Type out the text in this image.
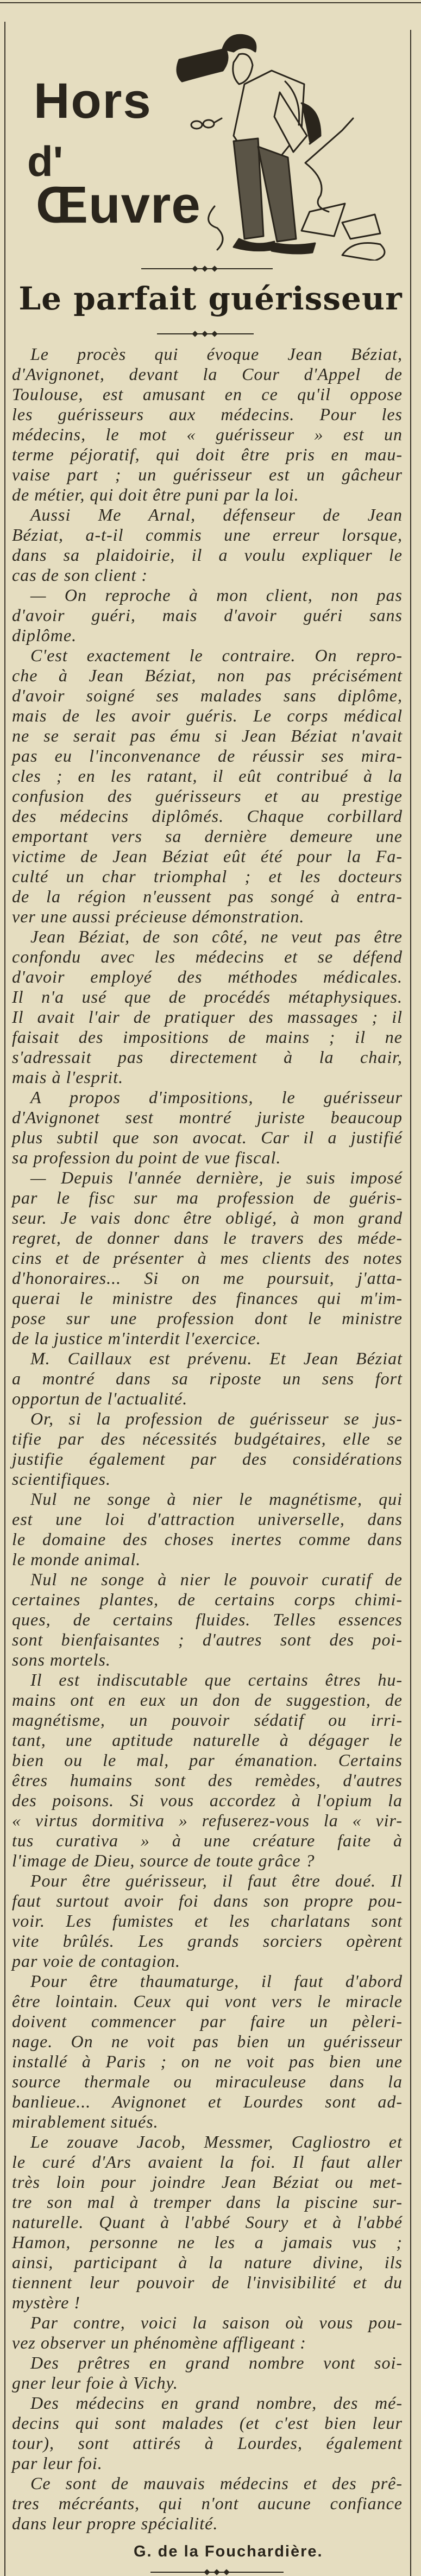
Hors
d'
Œuvre
Le parfait guérisseur
Le procès qui évoque Jean Béziat,
d'Avignonet, devant la Cour d'Appel de
Toulouse, est amusant en ce qu'il oppose
les guérisseurs aux médecins. Pour les
médecins, le mot « guérisseur » est un
terme péjoratif, qui doit être pris en mau-
vaise part ; un guérisseur est un gâcheur
de métier, qui doit être puni par la loi.
Aussi Me Arnal, défenseur de Jean
Béziat, a-t-il commis une erreur lorsque,
dans sa plaidoirie, il a voulu expliquer le
cas de son client :
— On reproche à mon client, non pas
d'avoir guéri, mais d'avoir guéri sans
diplôme.
C'est exactement le contraire. On repro-
che à Jean Béziat, non pas précisément
d'avoir soigné ses malades sans diplôme,
mais de les avoir guéris. Le corps médical
ne se serait pas ému si Jean Béziat n'avait
pas eu l'inconvenance de réussir ses mira-
cles ; en les ratant, il eût contribué à la
confusion des guérisseurs et au prestige
des médecins diplômés. Chaque corbillard
emportant vers sa dernière demeure une
victime de Jean Béziat eût été pour la Fa-
culté un char triomphal ; et les docteurs
de la région n'eussent pas songé à entra-
ver une aussi précieuse démonstration.
Jean Béziat, de son côté, ne veut pas être
confondu avec les médecins et se défend
d'avoir employé des méthodes médicales.
Il n'a usé que de procédés métaphysiques.
Il avait l'air de pratiquer des massages ; il
faisait des impositions de mains ; il ne
s'adressait pas directement à la chair,
mais à l'esprit.
A propos d'impositions, le guérisseur
d'Avignonet sest montré juriste beaucoup
plus subtil que son avocat. Car il a justifié
sa profession du point de vue fiscal.
— Depuis l'année dernière, je suis imposé
par le fisc sur ma profession de guéris-
seur. Je vais donc être obligé, à mon grand
regret, de donner dans le travers des méde-
cins et de présenter à mes clients des notes
d'honoraires... Si on me poursuit, j'atta-
querai le ministre des finances qui m'im-
pose sur une profession dont le ministre
de la justice m'interdit l'exercice.
M. Caillaux est prévenu. Et Jean Béziat
a montré dans sa riposte un sens fort
opportun de l'actualité.
Or, si la profession de guérisseur se jus-
tifie par des nécessités budgétaires, elle se
justifie également par des considérations
scientifiques.
Nul ne songe à nier le magnétisme, qui
est une loi d'attraction universelle, dans
le domaine des choses inertes comme dans
le monde animal.
Nul ne songe à nier le pouvoir curatif de
certaines plantes, de certains corps chimi-
ques, de certains fluides. Telles essences
sont bienfaisantes ; d'autres sont des poi-
sons mortels.
Il est indiscutable que certains êtres hu-
mains ont en eux un don de suggestion, de
magnétisme, un pouvoir sédatif ou irri-
tant, une aptitude naturelle à dégager le
bien ou le mal, par émanation. Certains
êtres humains sont des remèdes, d'autres
des poisons. Si vous accordez à l'opium la
« virtus dormitiva » refuserez-vous la « vir-
tus curativa » à une créature faite à
l'image de Dieu, source de toute grâce ?
Pour être guérisseur, il faut être doué. Il
faut surtout avoir foi dans son propre pou-
voir. Les fumistes et les charlatans sont
vite brûlés. Les grands sorciers opèrent
par voie de contagion.
Pour être thaumaturge, il faut d'abord
être lointain. Ceux qui vont vers le miracle
doivent commencer par faire un pèleri-
nage. On ne voit pas bien un guérisseur
installé à Paris ; on ne voit pas bien une
source thermale ou miraculeuse dans la
banlieue... Avignonet et Lourdes sont ad-
mirablement situés.
Le zouave Jacob, Messmer, Cagliostro et
le curé d'Ars avaient la foi. Il faut aller
très loin pour joindre Jean Béziat ou met-
tre son mal à tremper dans la piscine sur-
naturelle. Quant à l'abbé Soury et à l'abbé
Hamon, personne ne les a jamais vus ;
ainsi, participant à la nature divine, ils
tiennent leur pouvoir de l'invisibilité et du
mystère !
Par contre, voici la saison où vous pou-
vez observer un phénomène affligeant :
Des prêtres en grand nombre vont soi-
gner leur foie à Vichy.
Des médecins en grand nombre, des mé-
decins qui sont malades (et c'est bien leur
tour), sont attirés à Lourdes, également
par leur foi.
Ce sont de mauvais médecins et des prê-
tres mécréants, qui n'ont aucune confiance
dans leur propre spécialité.
G. de la Fouchardière.
